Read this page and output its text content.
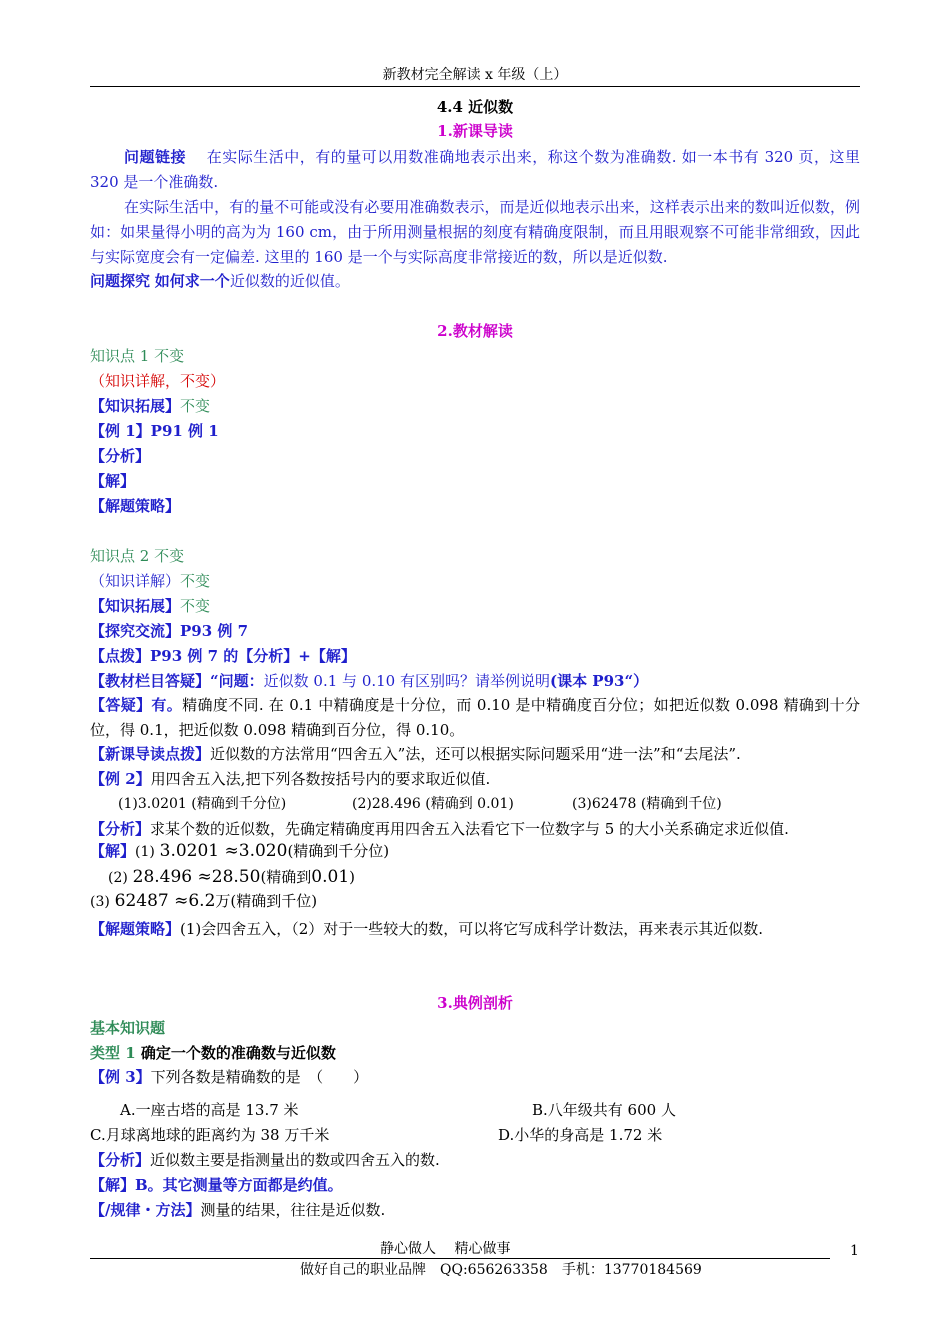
新教材完全解读 x 年级（上）
4.4 近似数
1.新课导读
问题链接　 在实际生活中，有的量可以用数准确地表示出来，称这个数为准确数. 如一本书有 320 页，这里 320 是一个准确数.
在实际生活中，有的量不可能或没有必要用准确数表示，而是近似地表示出来，这样表示出来的数叫近似数，例如：如果量得小明的高为为 160 cm，由于所用测量根据的刻度有精确度限制，而且用眼观察不可能非常细致，因此与实际宽度会有一定偏差. 这里的 160 是一个与实际高度非常接近的数，所以是近似数.
问题探究 如何求一个近似数的近似值。
2.教材解读
知识点 1 不变
（知识详解，不变）
【知识拓展】不变
【例 1】P91 例 1
【分析】
【解】
【解题策略】
知识点 2 不变
（知识详解）不变
【知识拓展】不变
【探究交流】P93 例 7
【点拨】P93 例 7 的【分析】+【解】
【教材栏目答疑】“问题：近似数 0.1 与 0.10 有区别吗？请举例说明(课本 P93“）
【答疑】有。精确度不同. 在 0.1 中精确度是十分位，而 0.10 是中精确度百分位；如把近似数 0.098 精确到十分位，得 0.1，把近似数 0.098 精确到百分位，得 0.10。
【新课导读点拨】近似数的方法常用“四舍五入”法，还可以根据实际问题采用“进一法”和“去尾法”.
【例 2】用四舍五入法,把下列各数按括号内的要求取近似值.
(1)3.0201 (精确到千分位)	(2)28.496 (精确到 0.01)	(3)62478 (精确到千位)
【分析】求某个数的近似数，先确定精确度再用四舍五入法看它下一位数字与 5 的大小关系确定求近似值.
【解】(1) 3.0201 ≈3.020(精确到千分位)
(2) 28.496 ≈28.50(精确到0.01)
(3) 62487 ≈6.2万(精确到千位)
【解题策略】(1)会四舍五入，（2）对于一些较大的数，可以将它写成科学计数法，再来表示其近似数.
3.典例剖析
基本知识题
类型 1 确定一个数的准确数与近似数
【例 3】下列各数是精确数的是　（　　）
A.一座古塔的高是 13.7 米	B.八年级共有 600 人
C.月球离地球的距离约为 38 万千米	D.小华的身高是 1.72 米
【分析】近似数主要是指测量出的数或四舍五入的数.
【解】B。其它测量等方面都是约值。
【/规律・方法】测量的结果，往往是近似数.
静心做人　 精心做事	1
做好自己的职业品牌　QQ:656263358　手机：13770184569
